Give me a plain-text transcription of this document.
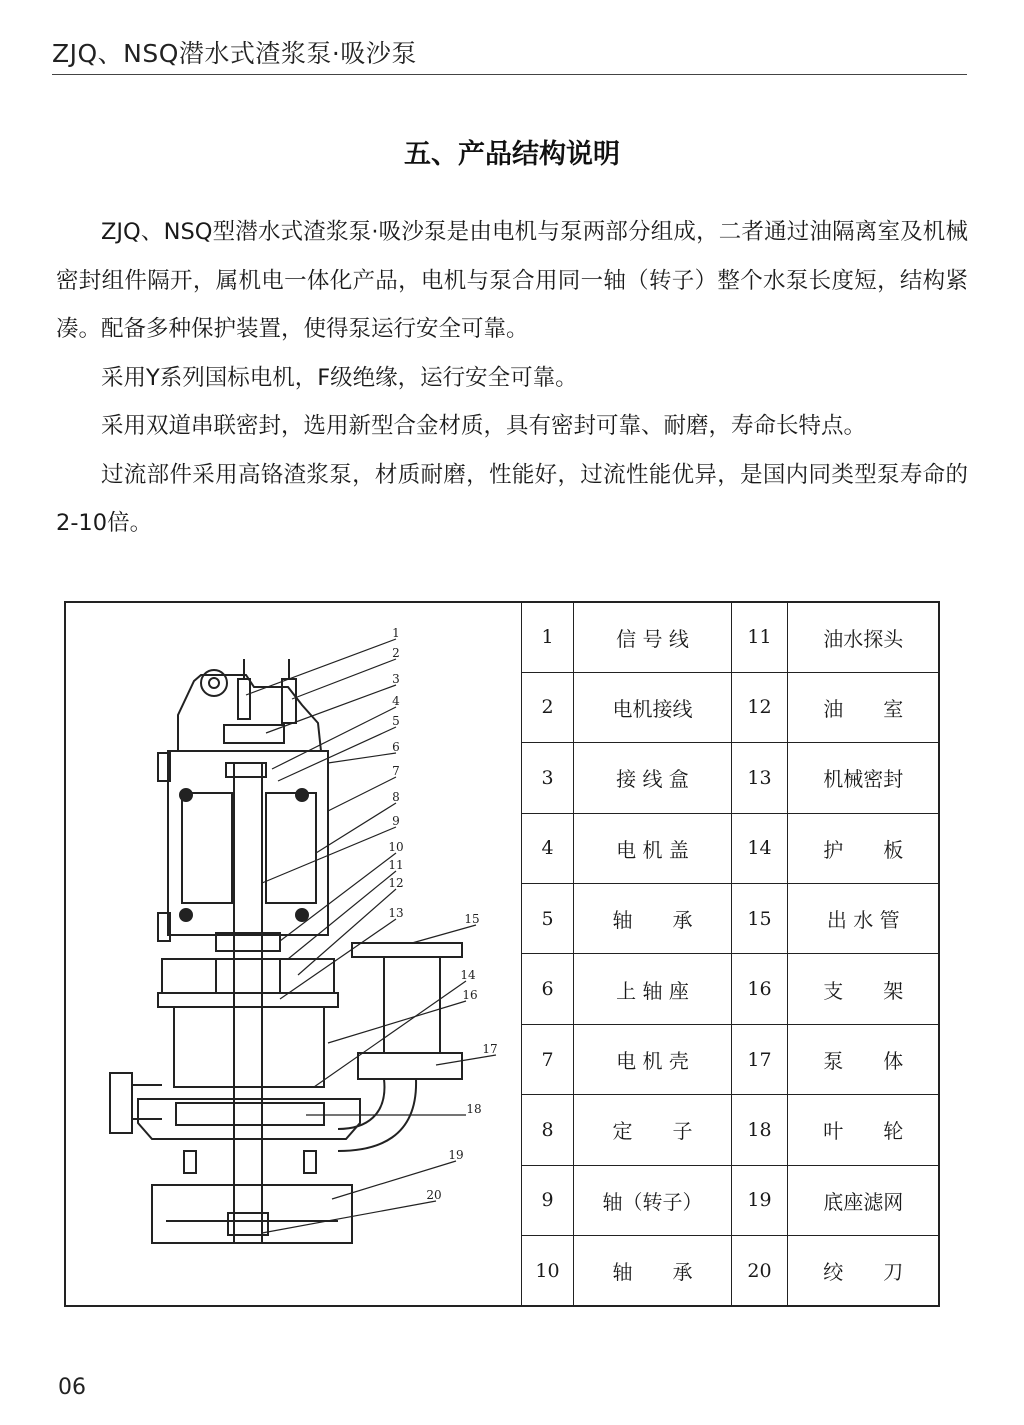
ZJQ、NSQ潜水式渣浆泵·吸沙泵
五、产品结构说明

ZJQ、NSQ型潜水式渣浆泵·吸沙泵是由电机与泵两部分组成，二者通过油隔离室及机械密封组件隔开，属机电一体化产品，电机与泵合用同一轴（转子）整个水泵长度短，结构紧凑。配备多种保护装置，使得泵运行安全可靠。

采用Y系列国标电机，F级绝缘，运行安全可靠。

采用双道串联密封，选用新型合金材质，具有密封可靠、耐磨，寿命长特点。

过流部件采用高铬渣浆泵，材质耐磨，性能好，过流性能优异，是国内同类型泵寿命的2-10倍。

1
2
3
4
5
6
7
8
9
10
11
12
13
14
15
16
17
18
19
20
1	信 号 线	11	油水探头
2	电机接线	12	油　　室
3	接 线 盒	13	机械密封
4	电 机 盖	14	护　　板
5	轴　　承	15	出 水 管
6	上 轴 座	16	支　　架
7	电 机 壳	17	泵　　体
8	定　　子	18	叶　　轮
9	轴（转子）	19	底座滤网
10	轴　　承	20	绞　　刀
06
